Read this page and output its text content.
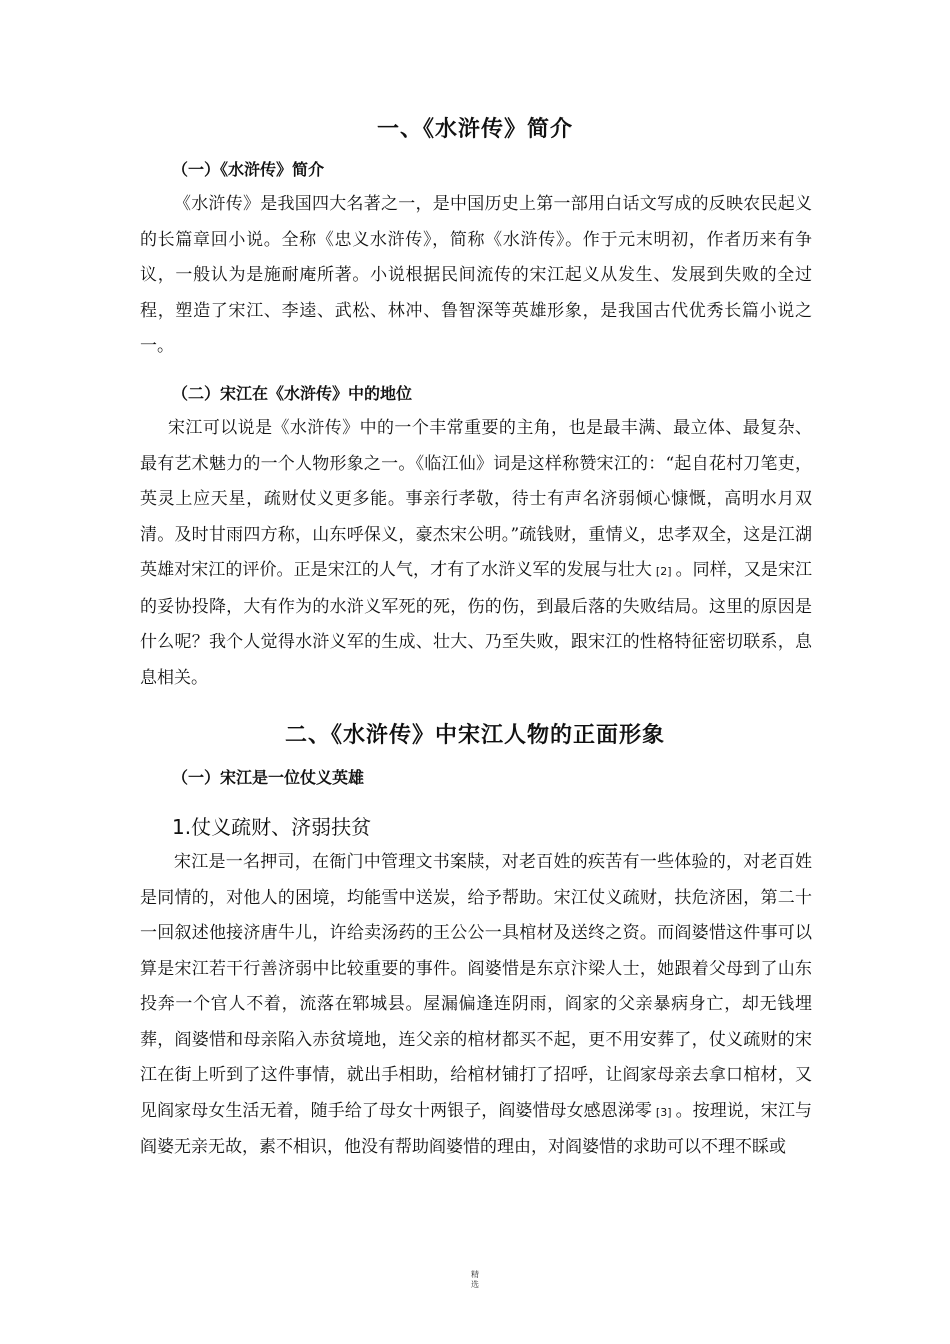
一、《水浒传》简介
（一）《水浒传》简介

《水浒传》是我国四大名著之一，是中国历史上第一部用白话文写成的反映农民起义的长篇章回小说。全称《忠义水浒传》，简称《水浒传》。作于元末明初，作者历来有争议，一般认为是施耐庵所著。小说根据民间流传的宋江起义从发生、发展到失败的全过程，塑造了宋江、李逵、武松、林冲、鲁智深等英雄形象，是我国古代优秀长篇小说之一。

（二）宋江在《水浒传》中的地位

宋江可以说是《水浒传》中的一个丰常重要的主角，也是最丰满、最立体、最复杂、最有艺术魅力的一个人物形象之一。《临江仙》词是这样称赞宋江的：“起自花村刀笔吏，英灵上应天星，疏财仗义更多能。事亲行孝敬，待士有声名济弱倾心慷慨，高明水月双清。及时甘雨四方称，山东呼保义，豪杰宋公明。”疏钱财，重情义，忠孝双全，这是江湖英雄对宋江的评价。正是宋江的人气，才有了水浒义军的发展与壮大 [2] 。同样，又是宋江的妥协投降，大有作为的水浒义军死的死，伤的伤，到最后落的失败结局。这里的原因是什么呢？我个人觉得水浒义军的生成、壮大、乃至失败，跟宋江的性格特征密切联系，息息相关。

二、《水浒传》中宋江人物的正面形象
（一）宋江是一位仗义英雄
1.仗义疏财、济弱扶贫

宋江是一名押司，在衙门中管理文书案牍，对老百姓的疾苦有一些体验的，对老百姓是同情的，对他人的困境，均能雪中送炭，给予帮助。宋江仗义疏财，扶危济困，第二十一回叙述他接济唐牛儿，许给卖汤药的王公公一具棺材及送终之资。而阎婆惜这件事可以算是宋江若干行善济弱中比较重要的事件。阎婆惜是东京汴梁人士，她跟着父母到了山东投奔一个官人不着，流落在郓城县。屋漏偏逢连阴雨，阎家的父亲暴病身亡，却无钱埋葬，阎婆惜和母亲陷入赤贫境地，连父亲的棺材都买不起，更不用安葬了，仗义疏财的宋江在街上听到了这件事情，就出手相助，给棺材铺打了招呼，让阎家母亲去拿口棺材，又见阎家母女生活无着，随手给了母女十两银子，阎婆惜母女感恩涕零 [3] 。按理说，宋江与阎婆无亲无故，素不相识，他没有帮助阎婆惜的理由，对阎婆惜的求助可以不理不睬或

精
选
